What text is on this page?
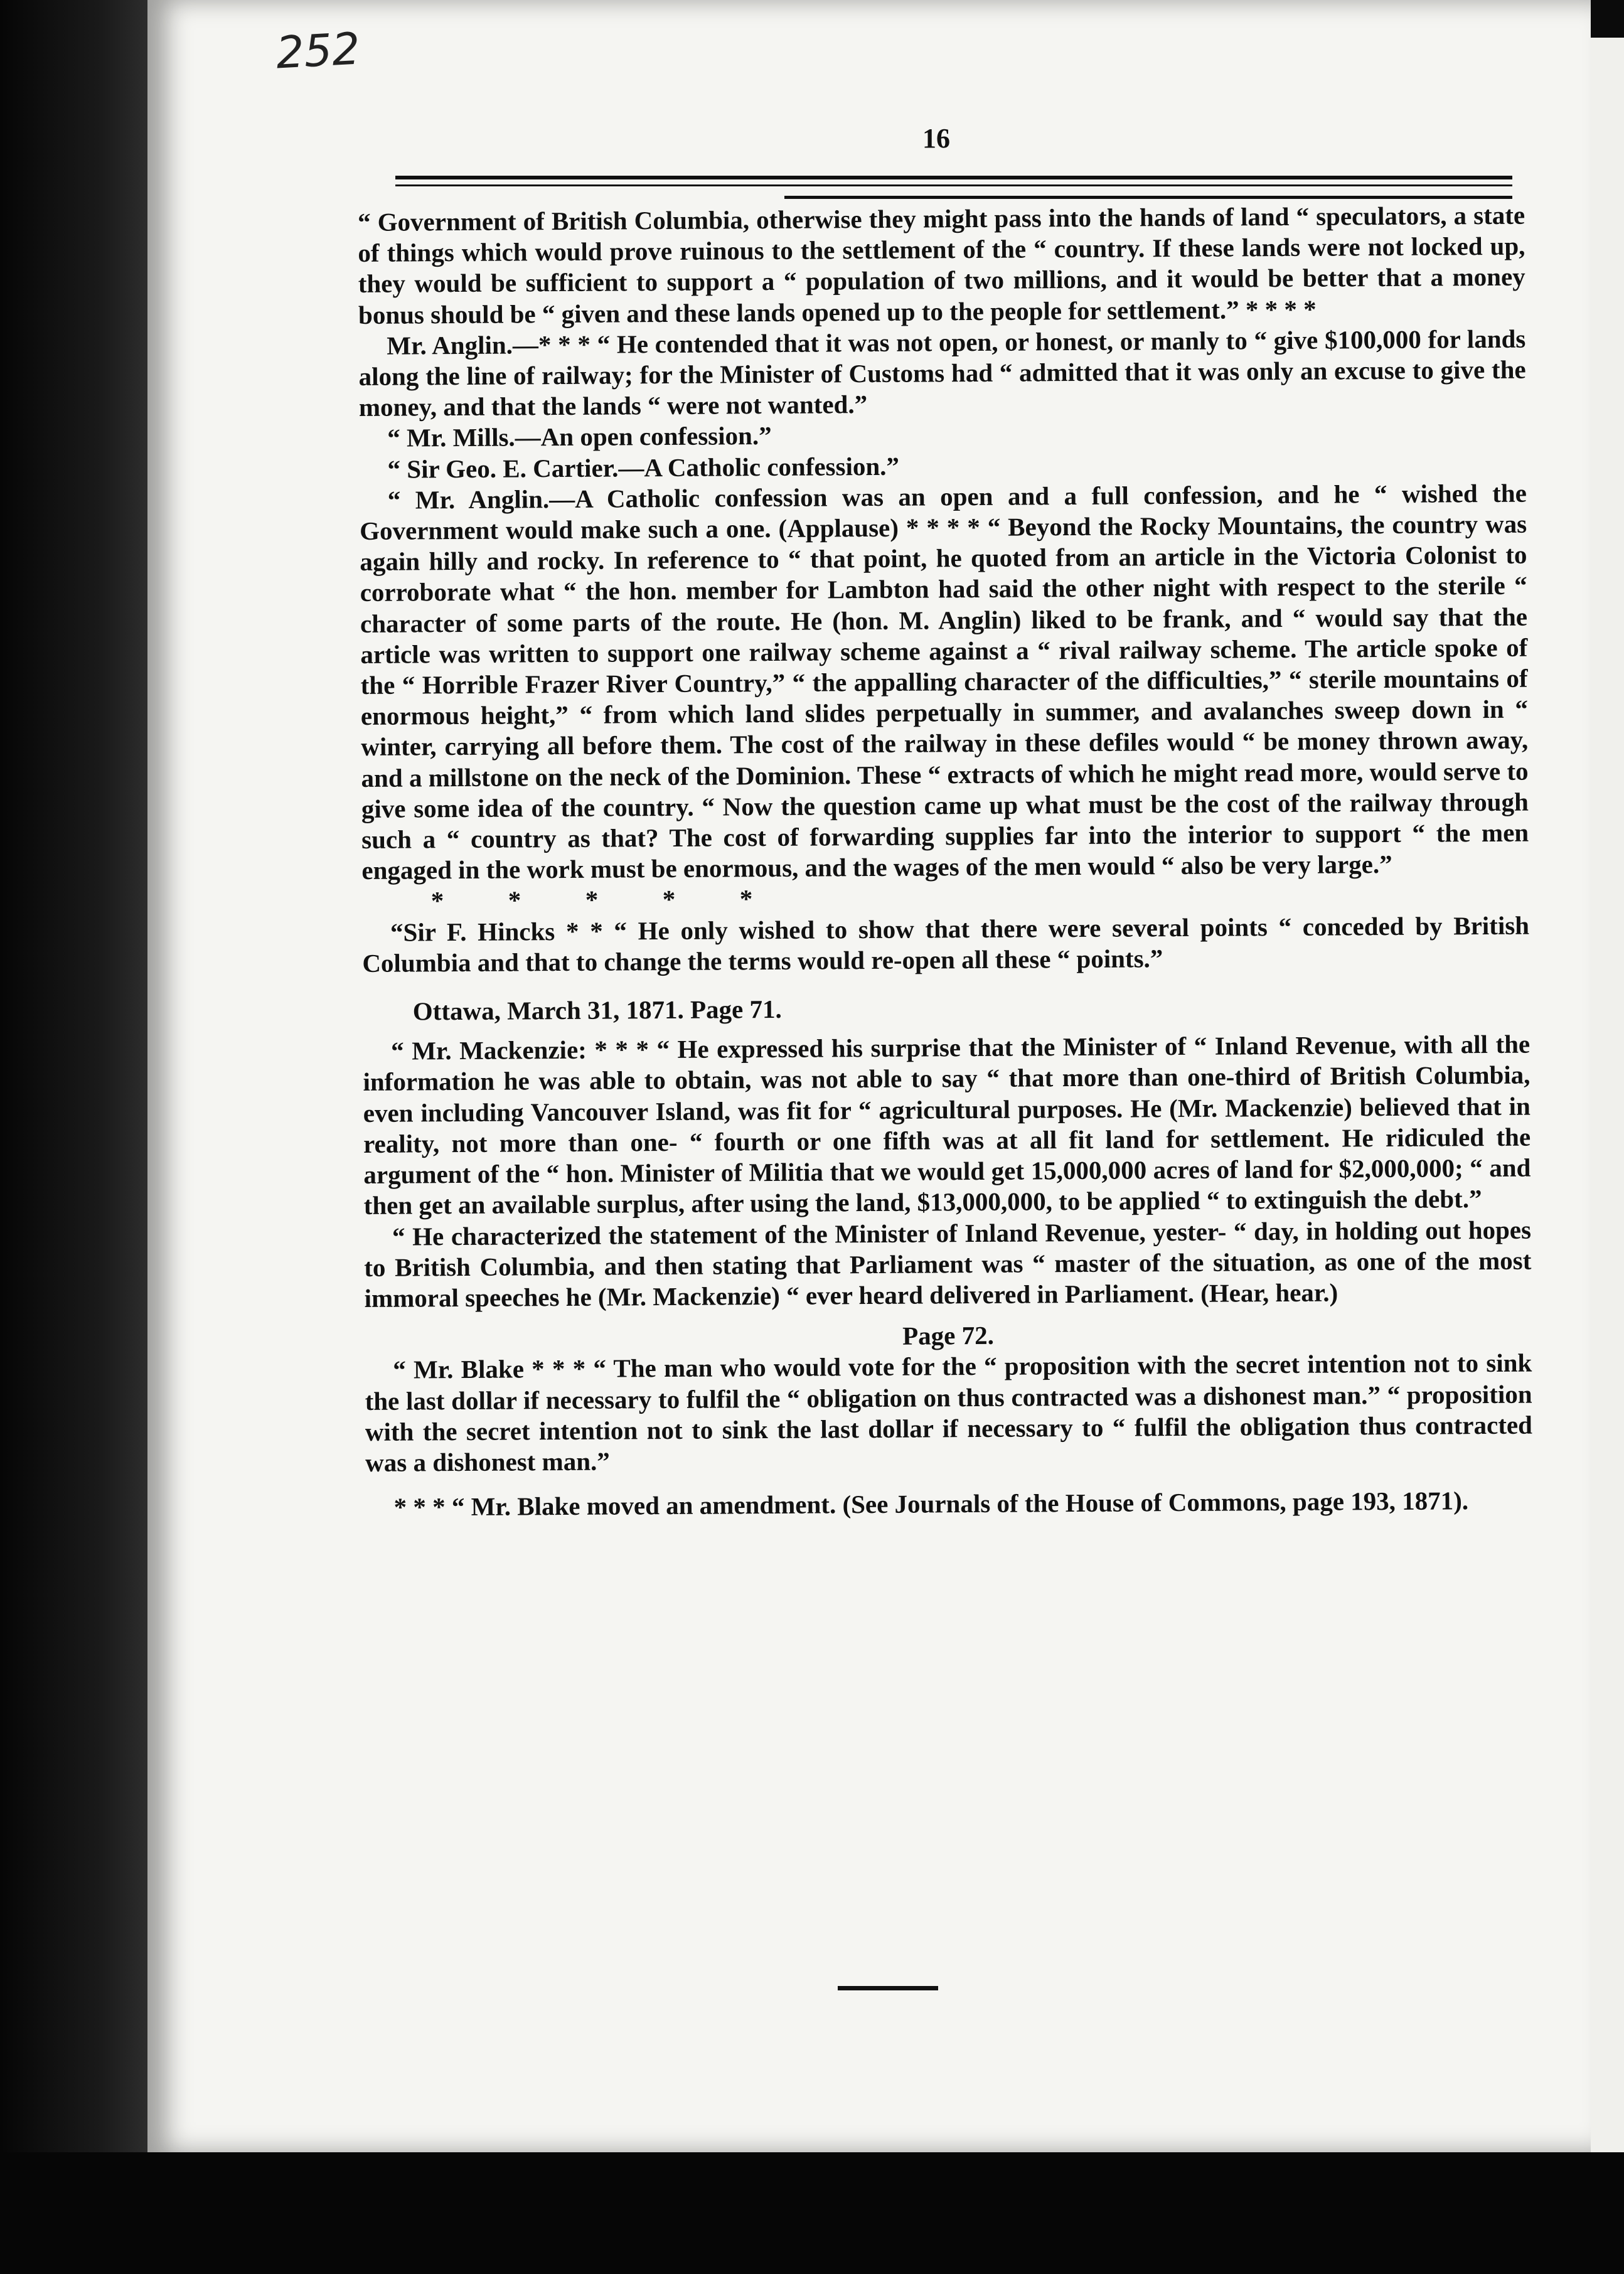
252
16

“ Government of British Columbia, otherwise they might pass into the hands of land “ speculators, a state of things which would prove ruinous to the settlement of the “ country. If these lands were not locked up, they would be sufficient to support a “ population of two millions, and it would be better that a money bonus should be “ given and these lands opened up to the people for settlement.” * * * *

Mr. Anglin.—* * * “ He contended that it was not open, or honest, or manly to “ give $100,000 for lands along the line of railway; for the Minister of Customs had “ admitted that it was only an excuse to give the money, and that the lands “ were not wanted.”

“ Mr. Mills.—An open confession.”

“ Sir Geo. E. Cartier.—A Catholic confession.”

“ Mr. Anglin.—A Catholic confession was an open and a full confession, and he “ wished the Government would make such a one. (Applause) * * * * “ Beyond the Rocky Mountains, the country was again hilly and rocky. In reference to “ that point, he quoted from an article in the Victoria Colonist to corroborate what “ the hon. member for Lambton had said the other night with respect to the sterile “ character of some parts of the route. He (hon. M. Anglin) liked to be frank, and “ would say that the article was written to support one railway scheme against a “ rival railway scheme. The article spoke of the “ Horrible Frazer River Country,” “ the appalling character of the difficulties,” “ sterile mountains of enormous height,” “ from which land slides perpetually in summer, and avalanches sweep down in “ winter, carrying all before them. The cost of the railway in these defiles would “ be money thrown away, and a millstone on the neck of the Dominion. These “ extracts of which he might read more, would serve to give some idea of the country. “ Now the question came up what must be the cost of the railway through such a “ country as that? The cost of forwarding supplies far into the interior to support “ the men engaged in the work must be enormous, and the wages of the men would “ also be very large.”

*          *          *          *          *

“Sir F. Hincks * * “ He only wished to show that there were several points “ conceded by British Columbia and that to change the terms would re-open all these “ points.”

Ottawa, March 31, 1871. Page 71.

“ Mr. Mackenzie: * * * “ He expressed his surprise that the Minister of “ Inland Revenue, with all the information he was able to obtain, was not able to say “ that more than one-third of British Columbia, even including Vancouver Island, was fit for “ agricultural purposes. He (Mr. Mackenzie) believed that in reality, not more than one- “ fourth or one fifth was at all fit land for settlement. He ridiculed the argument of the “ hon. Minister of Militia that we would get 15,000,000 acres of land for $2,000,000; “ and then get an available surplus, after using the land, $13,000,000, to be applied “ to extinguish the debt.”

“ He characterized the statement of the Minister of Inland Revenue, yester- “ day, in holding out hopes to British Columbia, and then stating that Parliament was “ master of the situation, as one of the most immoral speeches he (Mr. Mackenzie) “ ever heard delivered in Parliament. (Hear, hear.)

Page 72.

“ Mr. Blake * * * “ The man who would vote for the “ proposition with the secret intention not to sink the last dollar if necessary to fulfil the “ obligation on thus contracted was a dishonest man.” “ proposition with the secret intention not to sink the last dollar if necessary to “ fulfil the obligation thus contracted was a dishonest man.”

* * * “ Mr. Blake moved an amendment. (See Journals of the House of Commons, page 193, 1871).
